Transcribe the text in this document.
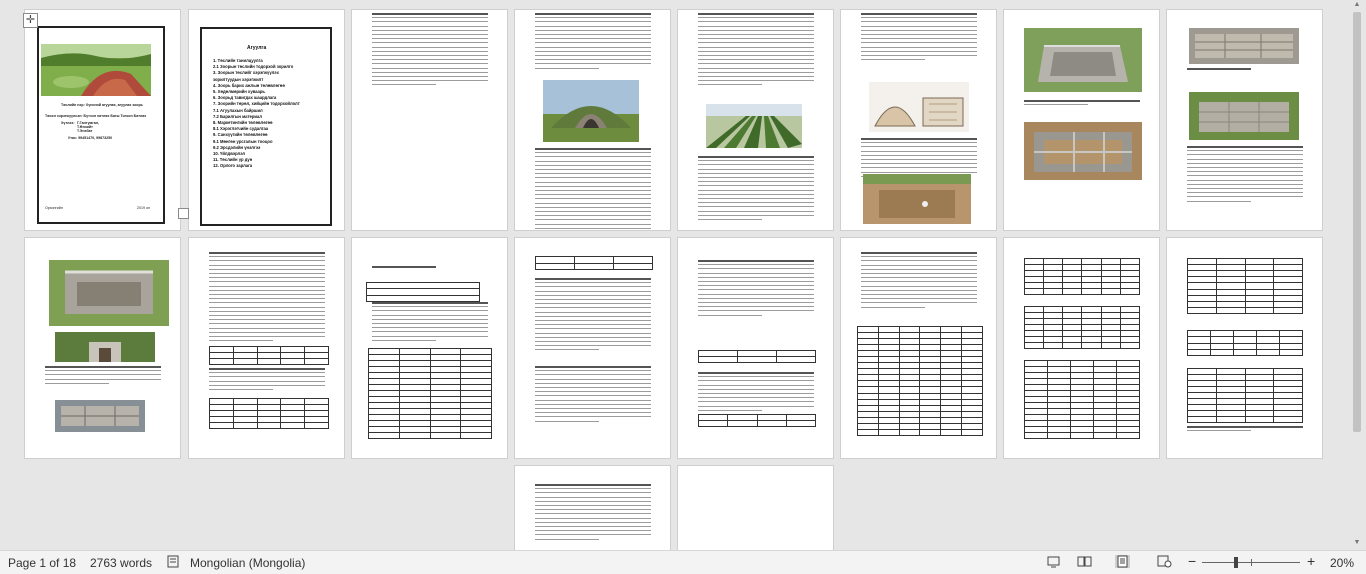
Төслийн нэр: Хүнсний агуулах, агуулах зоорь
Төсөл хэрэгжүүлсэн: Бүтээн хөтлөх Багш Тогоон Батлах
Хүтлэх: Г.Гантумгал,
Т.Өлзийт
Т.Энхбат
Утас: 99451470, 99873250
Орхонгийн	2019 он
✛
Агуулга
1. Төслийн танилцуулга
2.1 Зоорын төслийн тодорхой зорилго
3. Зоорын төслийг хэрэгжүүлэх
зорилтуудын хэрэгжилт
4. Зоорь барих ажлын төлөвлөгөө
5. Хөдөлмөрийн хуваарь
6. Зоорьд тавигдах шаардлага
7. Зоорийн төрөл, хийцийн тодорхойлолт
7.1 Агуулахын байршил
7.2 Барилгын материал
8. Маркетингийн төлөвлөгөө
8.1 Хэрэглэгчийн судалгаа
9. Санхүүгийн төлөвлөгөө
9.1 Мөнгөн урсгалын тооцоо
9.2 Эрсдэлийн үнэлгээ
10. Үйлдвэрлэл
11. Төслийн үр дүн
12. Орлого зарлага

▲
▼
Page 1 of 18 2763 words	Mongolian (Mongolia)	−	+ 20%
